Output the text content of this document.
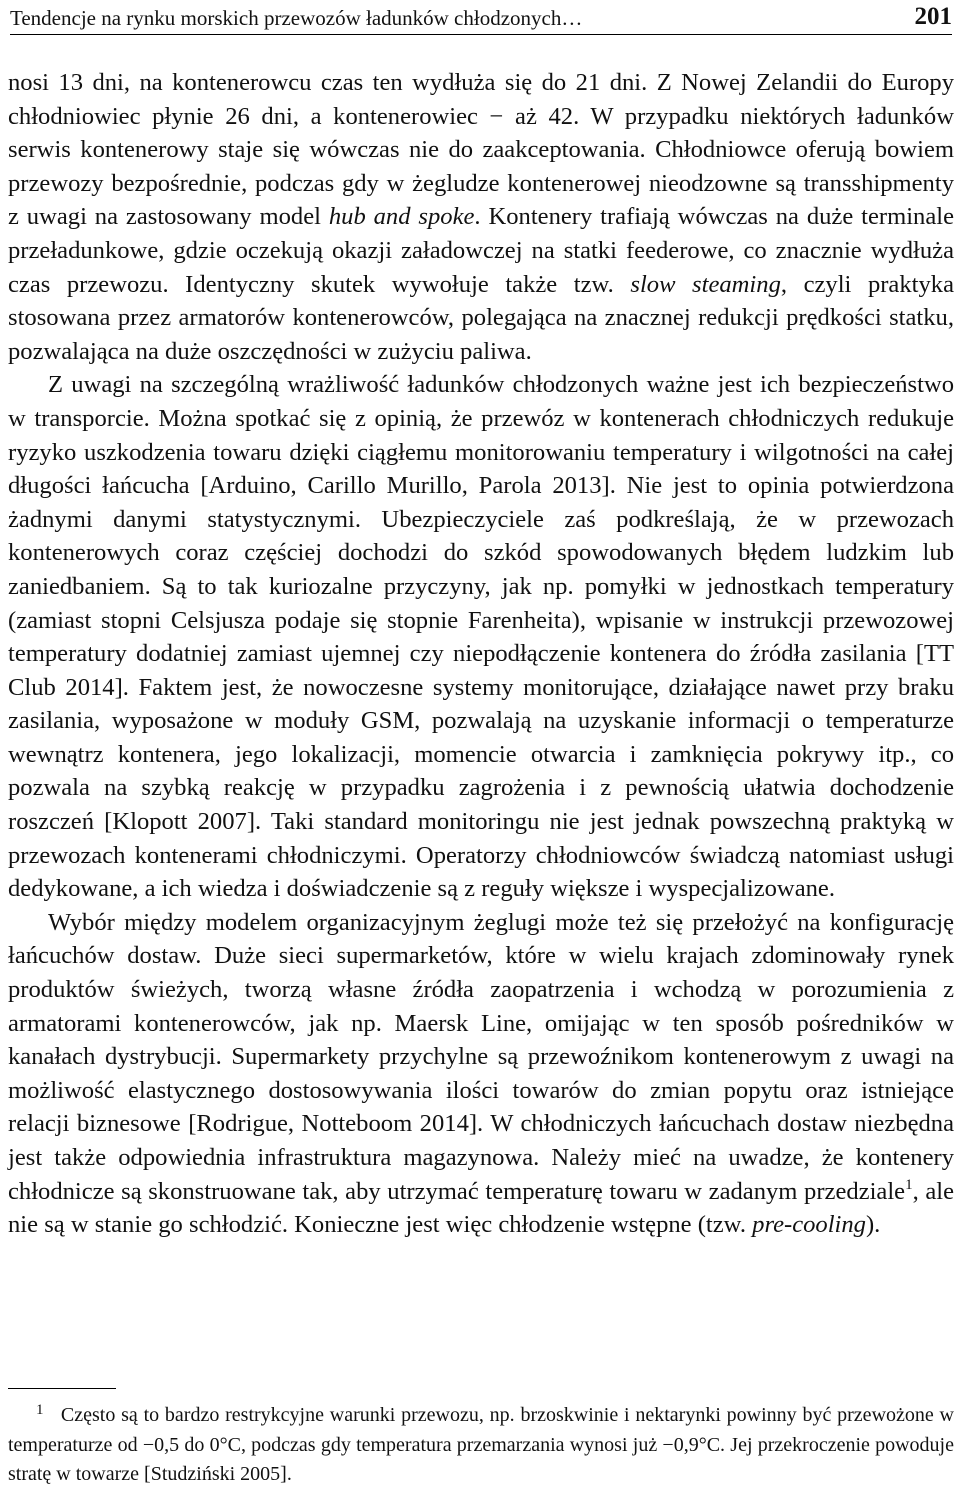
Tendencje na rynku morskich przewozów ładunków chłodzonych…	201

nosi 13 dni, na kontenerowcu czas ten wydłuża się do 21 dni. Z Nowej Zelandii do Europy chłodniowiec płynie 26 dni, a kontenerowiec − aż 42. W przypadku niektórych ładunków serwis kontenerowy staje się wówczas nie do zaakceptowania. Chłodniowce oferują bowiem przewozy bezpośrednie, podczas gdy w żegludze kontenerowej nieodzowne są transshipmenty z uwagi na zastosowany model hub and spoke. Kontenery trafiają wówczas na duże terminale przeładunkowe, gdzie oczekują okazji załadowczej na statki feederowe, co znacznie wydłuża czas przewozu. Identyczny skutek wywołuje także tzw. slow steaming, czyli praktyka stosowana przez armatorów kontenerowców, polegająca na znacznej redukcji prędkości statku, pozwalająca na duże oszczędności w zużyciu paliwa.

Z uwagi na szczególną wrażliwość ładunków chłodzonych ważne jest ich bezpieczeństwo w transporcie. Można spotkać się z opinią, że przewóz w kontenerach chłodniczych redukuje ryzyko uszkodzenia towaru dzięki ciągłemu monitorowaniu temperatury i wilgotności na całej długości łańcucha [Arduino, Carillo Murillo, Parola 2013]. Nie jest to opinia potwierdzona żadnymi danymi statystycznymi. Ubezpieczyciele zaś podkreślają, że w przewozach kontenerowych coraz częściej dochodzi do szkód spowodowanych błędem ludzkim lub zaniedbaniem. Są to tak kuriozalne przyczyny, jak np. pomyłki w jednostkach temperatury (zamiast stopni Celsjusza podaje się stopnie Farenheita), wpisanie w instrukcji przewozowej temperatury dodatniej zamiast ujemnej czy niepodłączenie kontenera do źródła zasilania [TT Club 2014]. Faktem jest, że nowoczesne systemy monitorujące, działające nawet przy braku zasilania, wyposażone w moduły GSM, pozwalają na uzyskanie informacji o temperaturze wewnątrz kontenera, jego lokalizacji, momencie otwarcia i zamknięcia pokrywy itp., co pozwala na szybką reakcję w przypadku zagrożenia i z pewnością ułatwia dochodzenie roszczeń [Klopott 2007]. Taki standard monitoringu nie jest jednak powszechną praktyką w przewozach kontenerami chłodniczymi. Operatorzy chłodniowców świadczą natomiast usługi dedykowane, a ich wiedza i doświadczenie są z reguły większe i wyspecjalizowane.

Wybór między modelem organizacyjnym żeglugi może też się przełożyć na konfigurację łańcuchów dostaw. Duże sieci supermarketów, które w wielu krajach zdominowały rynek produktów świeżych, tworzą własne źródła zaopatrzenia i wchodzą w porozumienia z armatorami kontenerowców, jak np. Maersk Line, omijając w ten sposób pośredników w kanałach dystrybucji. Supermarkety przychylne są przewoźnikom kontenerowym z uwagi na możliwość elastycznego dostosowywania ilości towarów do zmian popytu oraz istniejące relacji biznesowe [Rodrigue, Notteboom 2014]. W chłodniczych łańcuchach dostaw niezbędna jest także odpowiednia infrastruktura magazynowa. Należy mieć na uwadze, że kontenery chłodnicze są skonstruowane tak, aby utrzymać temperaturę towaru w zadanym przedziale$^1$, ale nie są w stanie go schłodzić. Konieczne jest więc chłodzenie wstępne (tzw. pre-cooling).

$^1$ Często są to bardzo restrykcyjne warunki przewozu, np. brzoskwinie i nektarynki powinny być przewożone w temperaturze od −0,5 do 0°C, podczas gdy temperatura przemarzania wynosi już −0,9°C. Jej przekroczenie powoduje stratę w towarze [Studziński 2005].
